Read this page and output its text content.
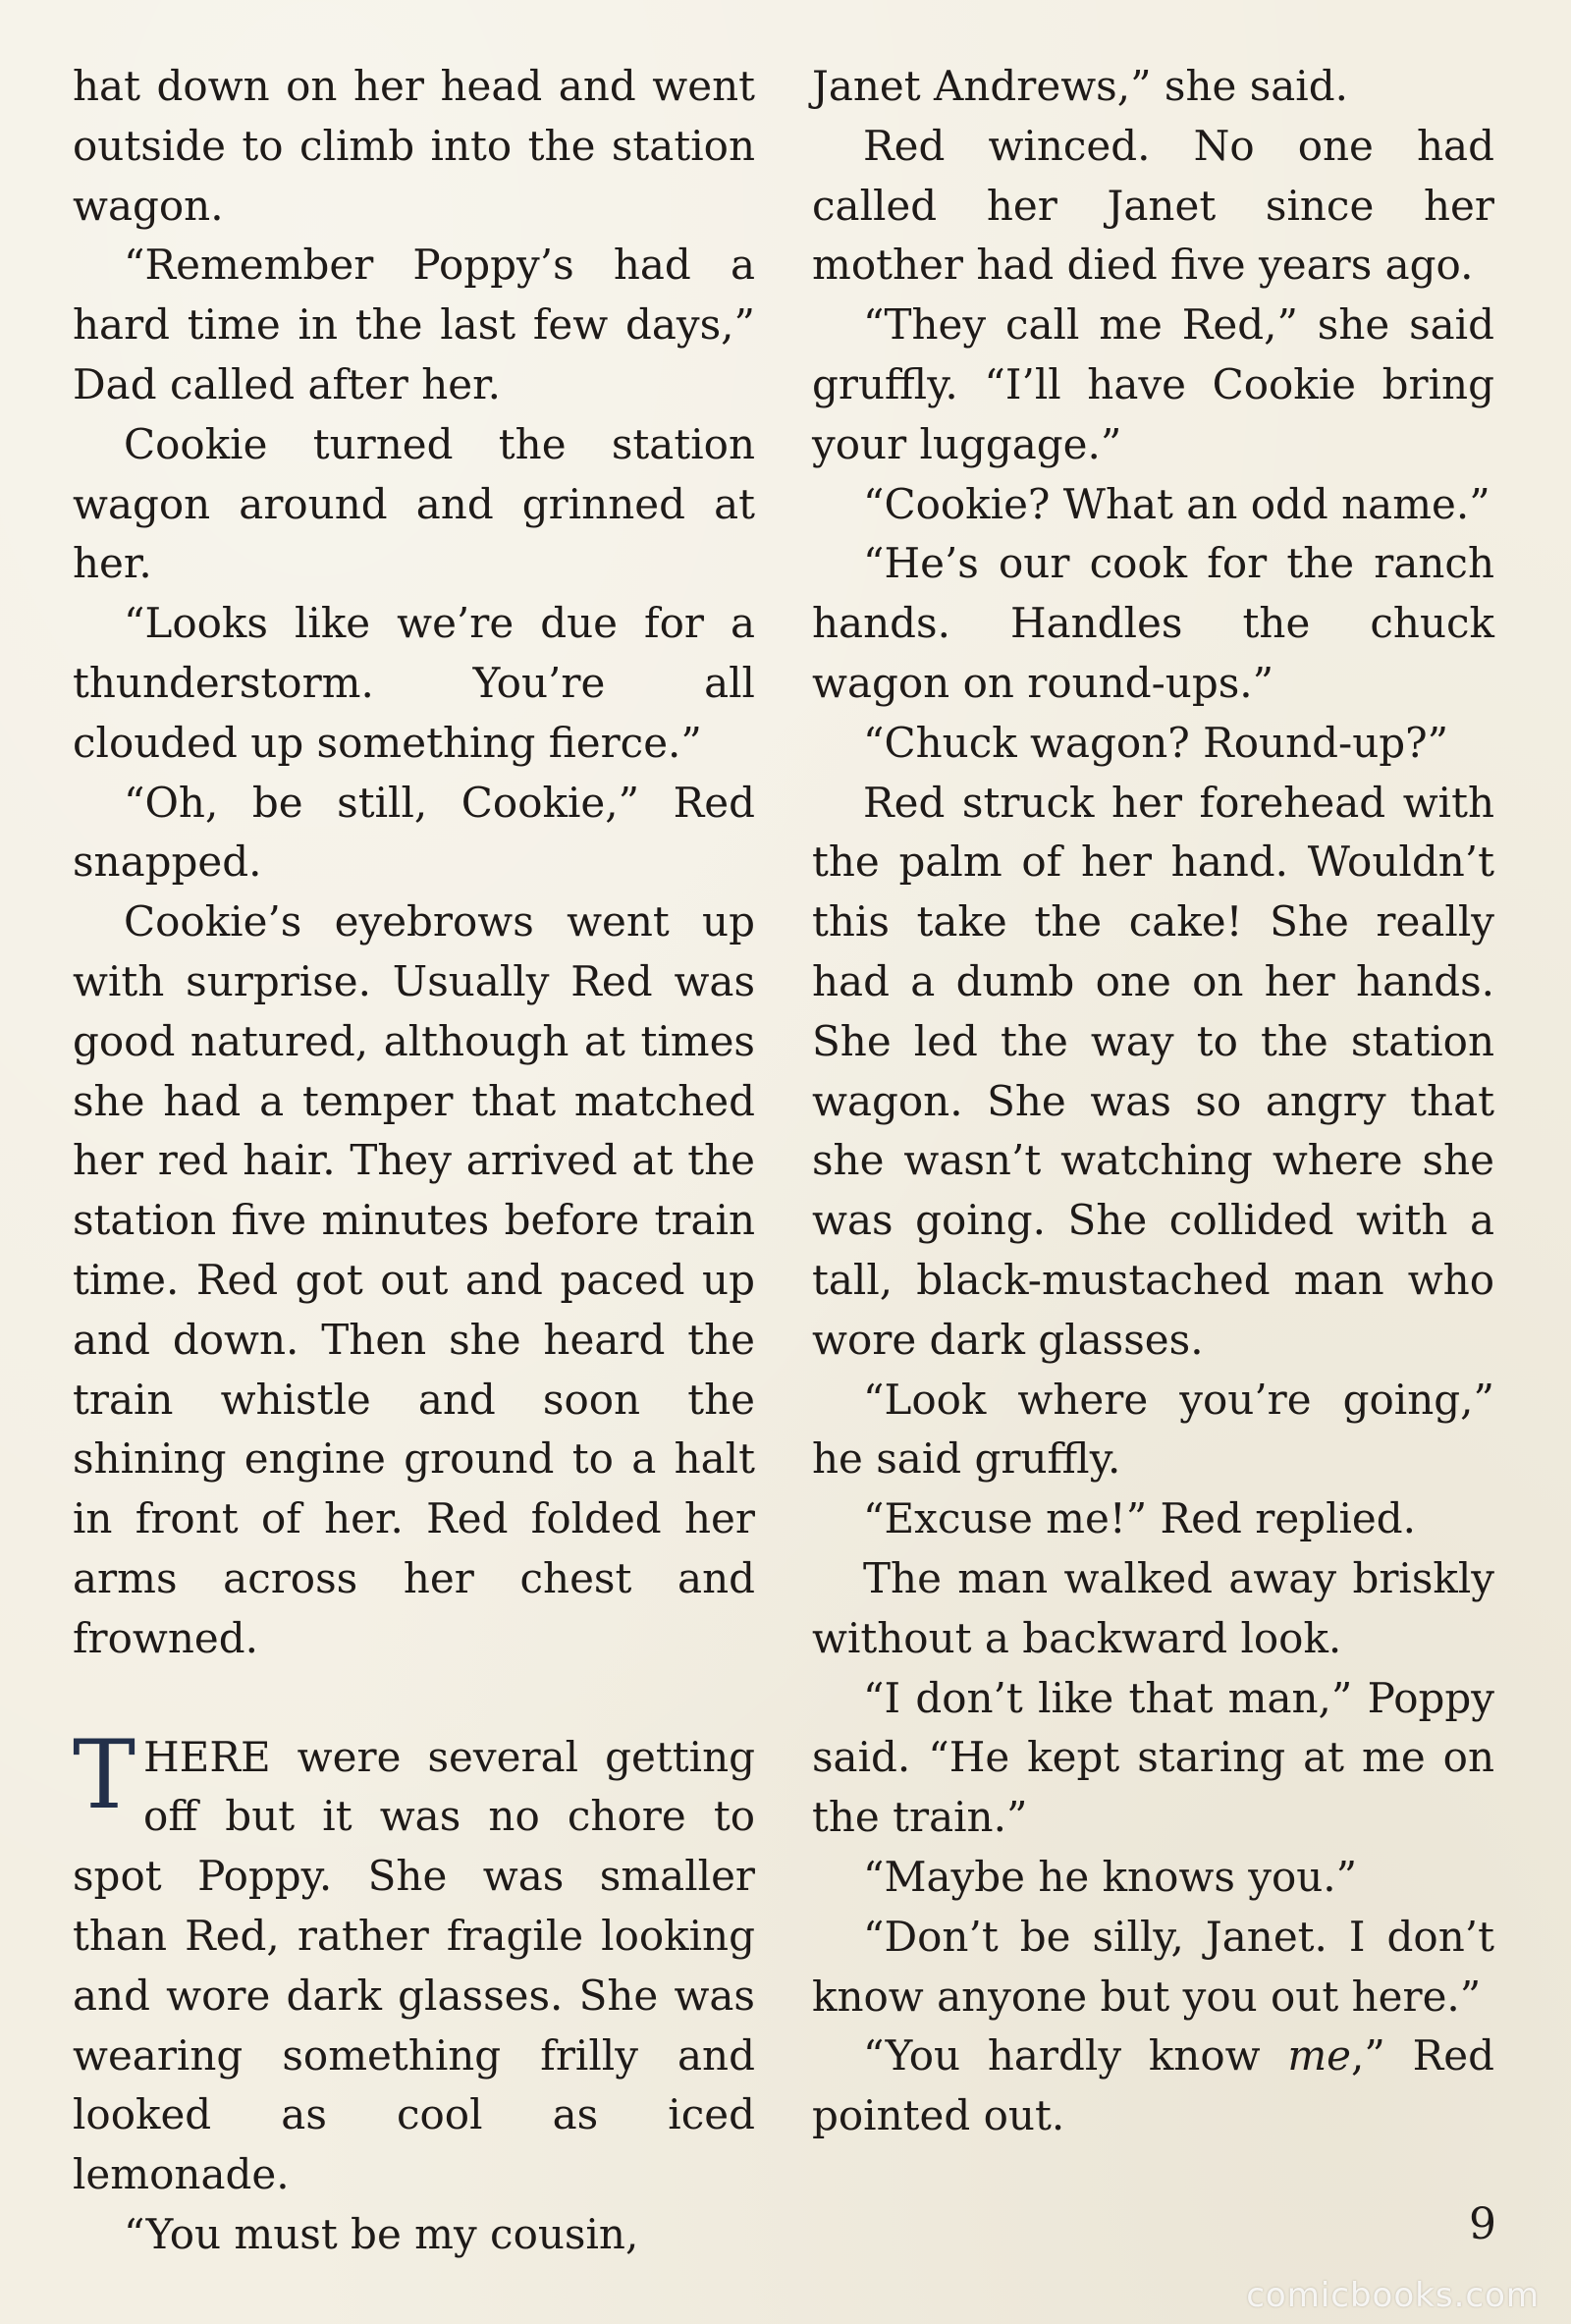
hat down on her head and went outside to climb into the station wagon.

“Remember Poppy’s had a hard time in the last few days,” Dad called after her.

Cookie turned the station wagon around and grinned at her.

“Looks like we’re due for a thunderstorm. You’re all clouded up something fierce.”

“Oh, be still, Cookie,” Red snapped.

Cookie’s eyebrows went up with surprise. Usually Red was good natured, although at times she had a temper that matched her red hair. They arrived at the station five minutes before train time. Red got out and paced up and down. Then she heard the train whistle and soon the shining engine ground to a halt in front of her. Red folded her arms across her chest and frowned.

THERE were several getting off but it was no chore to spot Poppy. She was smaller than Red, rather fragile looking and wore dark glasses. She was wearing something frilly and looked as cool as iced lemonade.

“You must be my cousin,

Janet Andrews,” she said.

Red winced. No one had called her Janet since her mother had died five years ago.

“They call me Red,” she said gruffly. “I’ll have Cookie bring your luggage.”

“Cookie? What an odd name.”

“He’s our cook for the ranch hands. Handles the chuck wagon on round-ups.”

“Chuck wagon? Round-up?”

Red struck her forehead with the palm of her hand. Wouldn’t this take the cake! She really had a dumb one on her hands. She led the way to the station wagon. She was so angry that she wasn’t watching where she was going. She collided with a tall, black-mustached man who wore dark glasses.

“Look where you’re going,” he said gruffly.

“Excuse me!” Red replied.

The man walked away briskly without a backward look.

“I don’t like that man,” Poppy said. “He kept staring at me on the train.”

“Maybe he knows you.”

“Don’t be silly, Janet. I don’t know anyone but you out here.”

“You hardly know me,” Red pointed out.

9
comicbooks.com
